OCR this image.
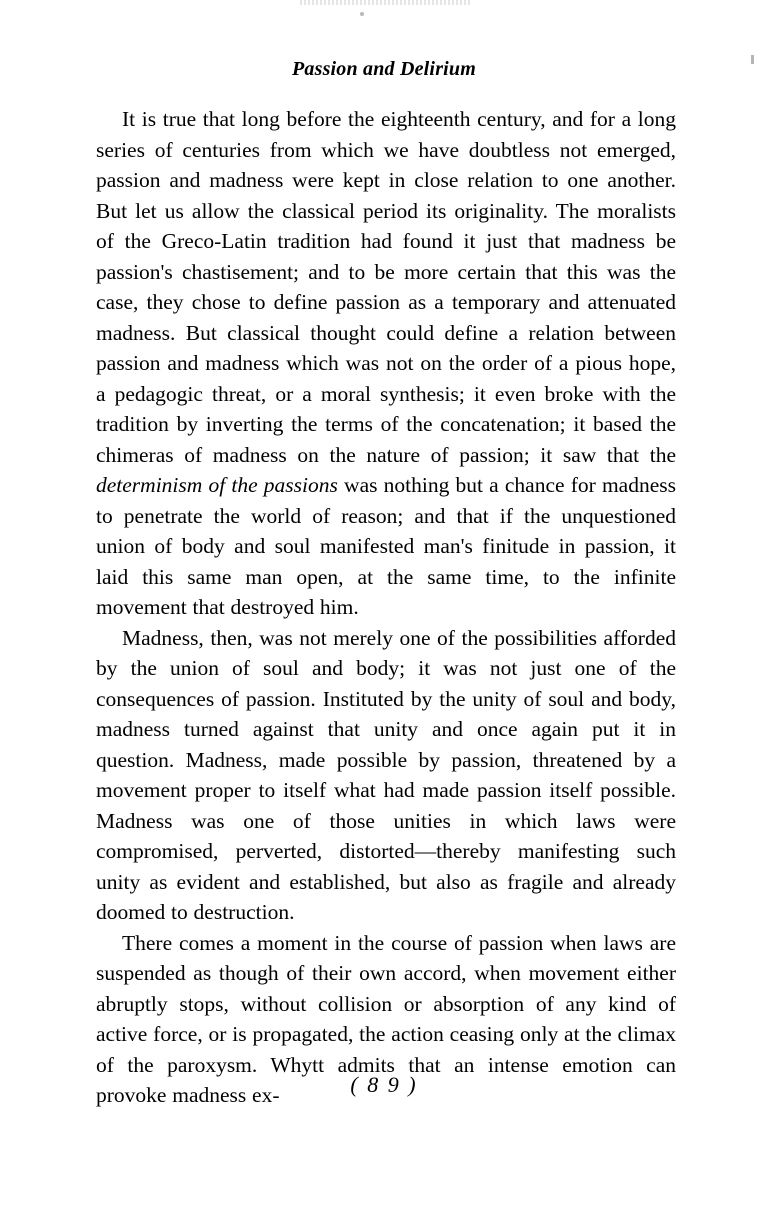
Passion and Delirium

It is true that long before the eighteenth century, and for a long series of centuries from which we have doubtless not emerged, passion and madness were kept in close relation to one another. But let us allow the classical period its originality. The moralists of the Greco-Latin tradition had found it just that madness be passion's chastisement; and to be more certain that this was the case, they chose to define passion as a temporary and attenuated madness. But classical thought could define a relation between passion and madness which was not on the order of a pious hope, a pedagogic threat, or a moral synthesis; it even broke with the tradition by inverting the terms of the concatenation; it based the chimeras of madness on the nature of passion; it saw that the determinism of the passions was nothing but a chance for madness to penetrate the world of reason; and that if the unquestioned union of body and soul manifested man's finitude in passion, it laid this same man open, at the same time, to the infinite movement that destroyed him.

Madness, then, was not merely one of the possibilities afforded by the union of soul and body; it was not just one of the consequences of passion. Instituted by the unity of soul and body, madness turned against that unity and once again put it in question. Madness, made possible by passion, threatened by a movement proper to itself what had made passion itself possible. Madness was one of those unities in which laws were compromised, perverted, distorted—thereby manifesting such unity as evident and established, but also as fragile and already doomed to destruction.

There comes a moment in the course of passion when laws are suspended as though of their own accord, when movement either abruptly stops, without collision or absorption of any kind of active force, or is propagated, the action ceasing only at the climax of the paroxysm. Whytt admits that an intense emotion can provoke madness ex-	( 8 9 )
